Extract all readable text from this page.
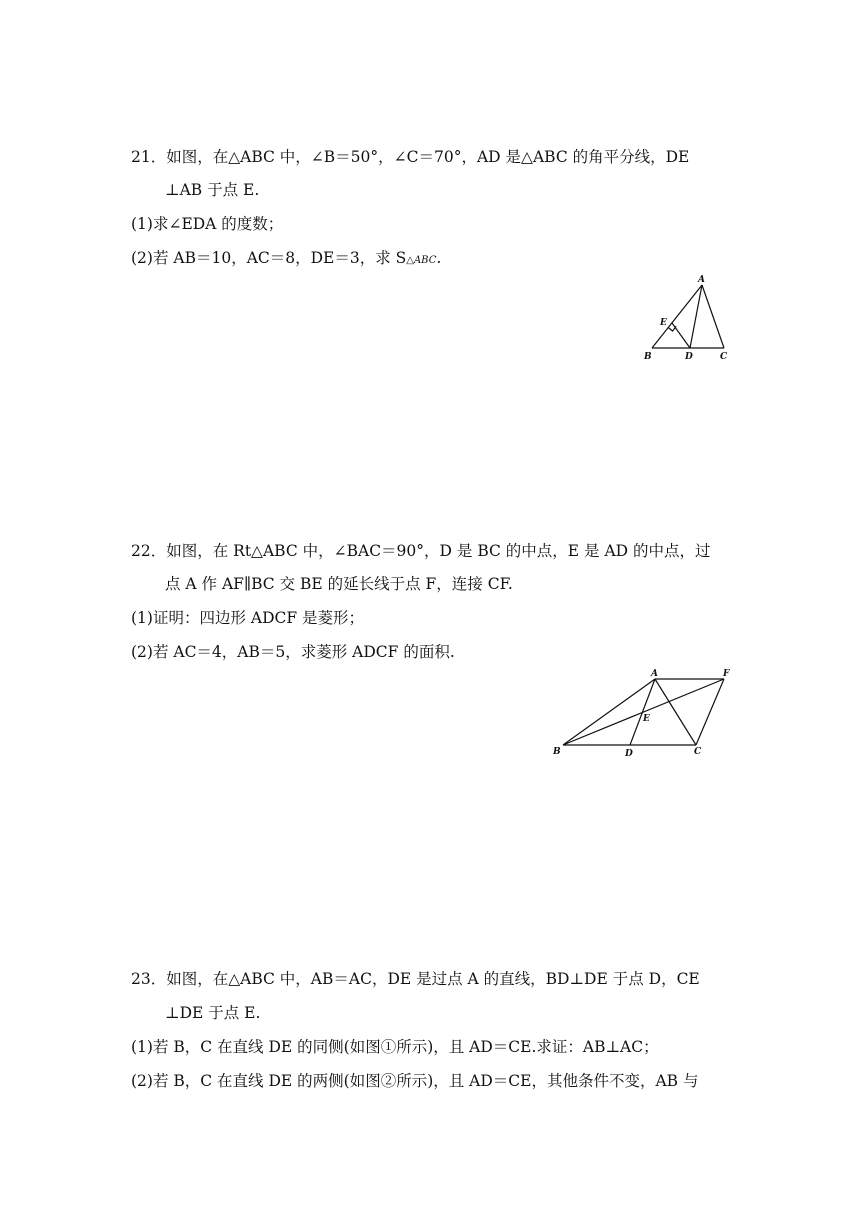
21．如图，在△ABC 中，∠B＝50°，∠C＝70°，AD 是△ABC 的角平分线，DE
⊥AB 于点 E.
(1)求∠EDA 的度数；
(2)若 AB＝10，AC＝8，DE＝3，求 S△ABC.
A
B	C
D
E
22．如图，在 Rt△ABC 中，∠BAC＝90°，D 是 BC 的中点，E 是 AD 的中点，过
点 A 作 AF∥BC 交 BE 的延长线于点 F，连接 CF.
(1)证明：四边形 ADCF 是菱形；
(2)若 AC＝4，AB＝5，求菱形 ADCF 的面积.
A	F
E
B	D	C
23．如图，在△ABC 中，AB＝AC，DE 是过点 A 的直线，BD⊥DE 于点 D，CE
⊥DE 于点 E.
(1)若 B，C 在直线 DE 的同侧(如图①所示)，且 AD＝CE.求证：AB⊥AC；
(2)若 B，C 在直线 DE 的两侧(如图②所示)，且 AD＝CE，其他条件不变，AB 与
